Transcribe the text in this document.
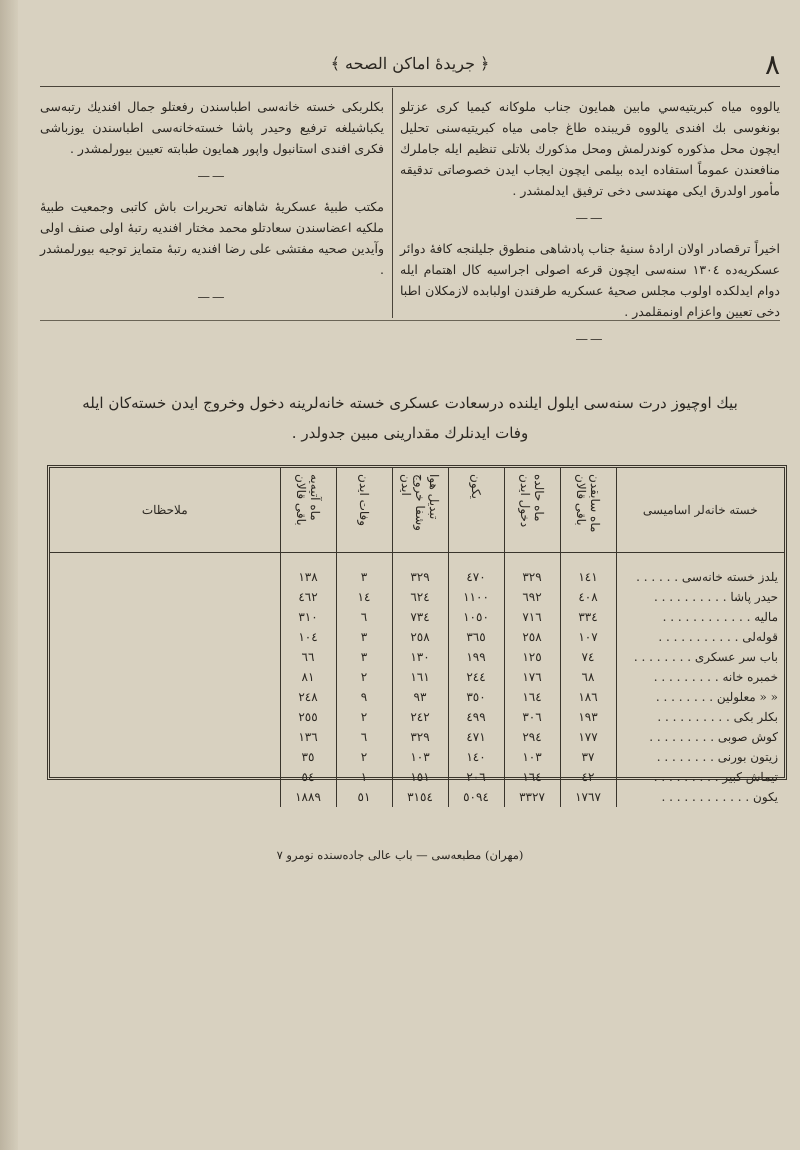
٨
﴿ جريدهٔ اماكن الصحه ﴾

يالووه مياه كبريتيه‌سي مابين همايون جناب ملوكانه كيميا كرى عزتلو بونغوسى بك افندى يالووه قريبنده طاغ جامى مياه كبريتيه‌سنى تحليل ايچون محل مذكوره كوندرلمش ومحل مذكورك بلاتلى تنظيم ايله جاملرك منافعندن عموماً استفاده ايده بيلمى ايچون ايجاب ايدن خصوصاتى تدقيقه مأمور اولدرق ايكى مهندسى دخى ترفيق ايدلمشدر .

——

اخيراً ترقصادر اولان ارادهٔ سنيهٔ جناب پادشاهى منطوق جليلنجه كافهٔ دوائر عسكريه‌ده ١٣٠٤ سنه‌سى ايچون قرعه اصولى اجراسيه كال اهتمام ايله دوام ايدلكده اولوب مجلس صحيهٔ عسكريه طرفندن اولبابده لازمكلان اطبا دخى تعيين واعزام اونمقلمدر .

——

بكلربكى خسته خانه‌سى اطباسندن رفعتلو جمال افنديك رتبه‌سى يكباشيلغه ترفيع وحيدر پاشا خسته‌خانه‌سى اطباسندن يوزباشى فكرى افندى استانبول واپور همايون طبابته تعيين بيورلمشدر .

——

مكتب طبيهٔ عسكريهٔ شاهانه تحريرات باش كاتبى وجمعيت طبيهٔ ملكيه اعضاسندن سعادتلو محمد مختار افنديه رتبهٔ اولى صنف اولى وآيدين صحيه مفتشى على رضا افنديه رتبهٔ متمايز توجيه بيورلمشدر .

——
بيك اوچيوز درت سنه‌سى ايلول ايلنده درسعادت عسكرى خسته خانه‌لرينه دخول وخروج ايدن خسته‌كان ايله وفات ايدنلرك مقدارينى مبين جدولدر .
خسته خانه‌لر اساميسى	ماه سابقدن باقى قالان	ماه حالده دخول ايدن	يكون	تبديل هوا وشفا خروج ايدن	وفات ايدن	ماه آتيه‌يه باقى قالان	ملاحظات

يلدز خسته خانه‌سى . . . . . .	١٤١	٣٢٩	٤٧٠	٣٢٩	٣	١٣٨	
حيدر پاشا . . . . . . . . . .	٤٠٨	٦٩٢	١١٠٠	٦٢٤	١٤	٤٦٢	
ماليه . . . . . . . . . . . .	٣٣٤	٧١٦	١٠٥٠	٧٣٤	٦	٣١٠	
قوله‌لى . . . . . . . . . . .	١٠٧	٢٥٨	٣٦٥	٢٥٨	٣	١٠٤	
باب سر عسكرى . . . . . . . .	٧٤	١٢٥	١٩٩	١٣٠	٣	٦٦	
خمبره خانه . . . . . . . . .	٦٨	١٧٦	٢٤٤	١٦١	٢	٨١	
« « معلولين . . . . . . . .	١٨٦	١٦٤	٣٥٠	٩٣	٩	٢٤٨	
بكلر بكى . . . . . . . . . .	١٩٣	٣٠٦	٤٩٩	٢٤٢	٢	٢٥٥	
كوش صوبى . . . . . . . . .	١٧٧	٢٩٤	٤٧١	٣٢٩	٦	١٣٦	
زيتون بورنى . . . . . . . .	٣٧	١٠٣	١٤٠	١٠٣	٢	٣٥	
تيماش كبير . . . . . . . . .	٤٢	١٦٤	٢٠٦	١٥١	١	٥٤	
يكون . . . . . . . . . . . .	١٧٦٧	٣٣٢٧	٥٠٩٤	٣١٥٤	٥١	١٨٨٩	

(مهران) مطبعه‌سى — باب عالى جاده‌سنده نومرو ٧
